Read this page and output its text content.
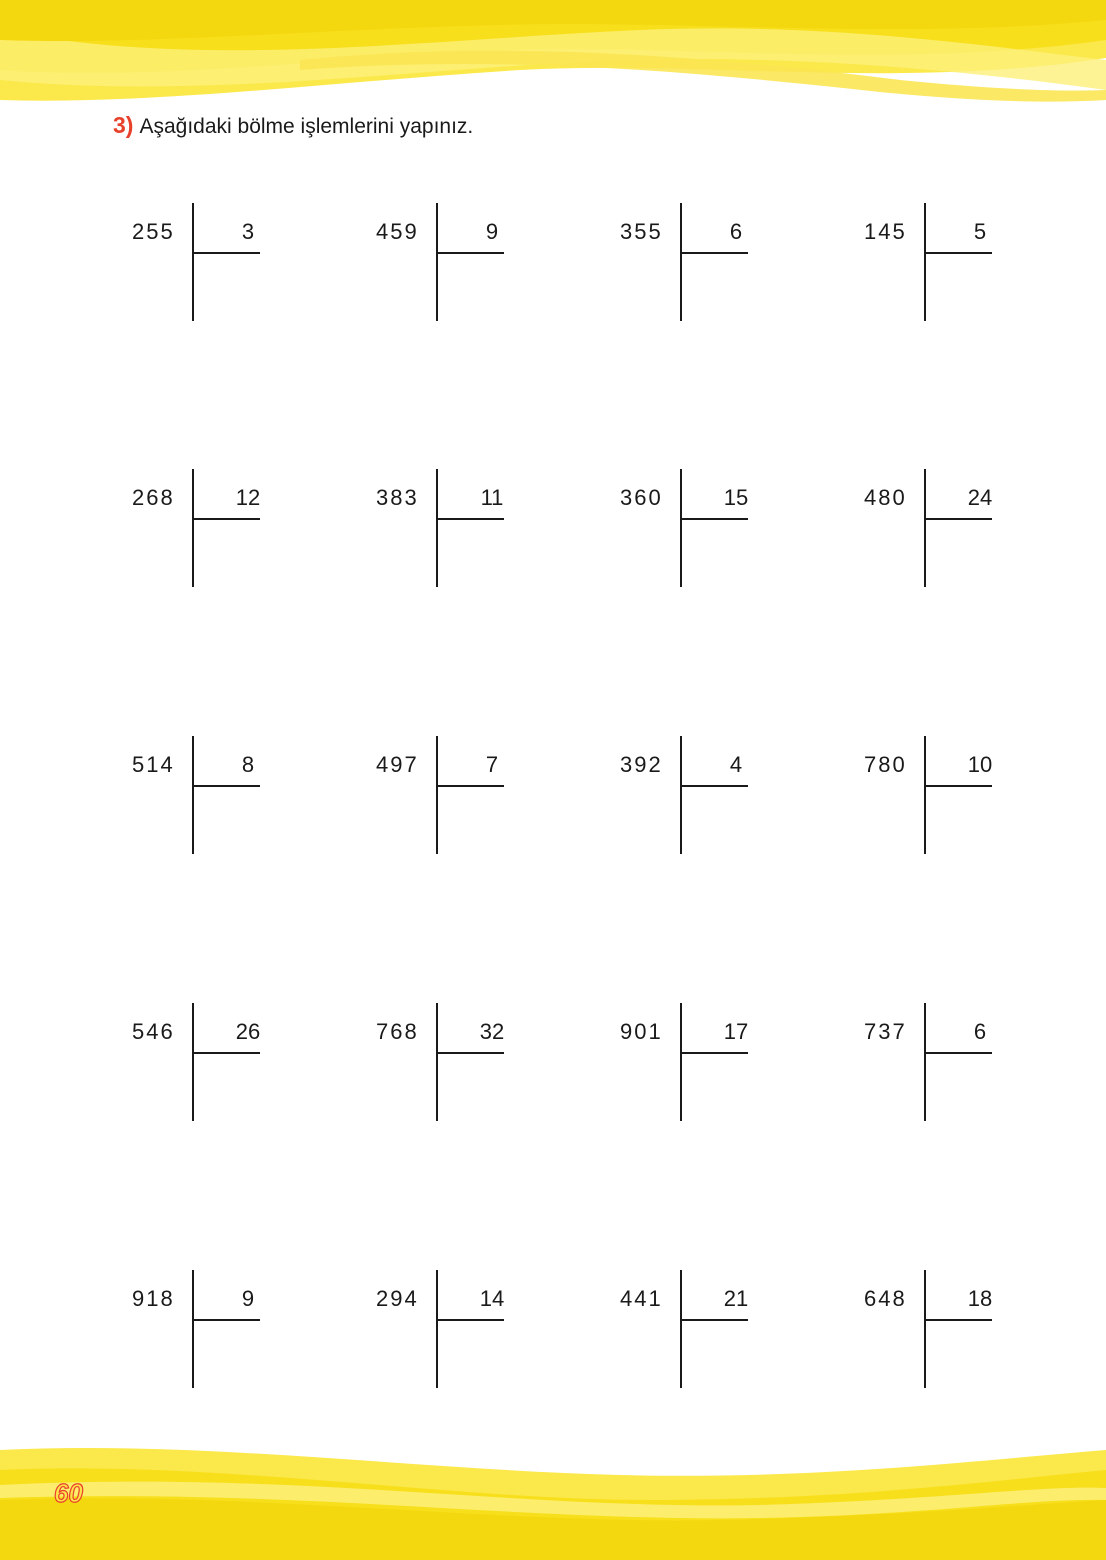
3) Aşağıdaki bölme işlemlerini yapınız.
255	3	459	9	355	6	145	5
268	12	383	11	360	15	480	24
514	8	497	7	392	4	780	10
546	26	768	32	901	17	737	6
918	9	294	14	441	21	648	18
60
